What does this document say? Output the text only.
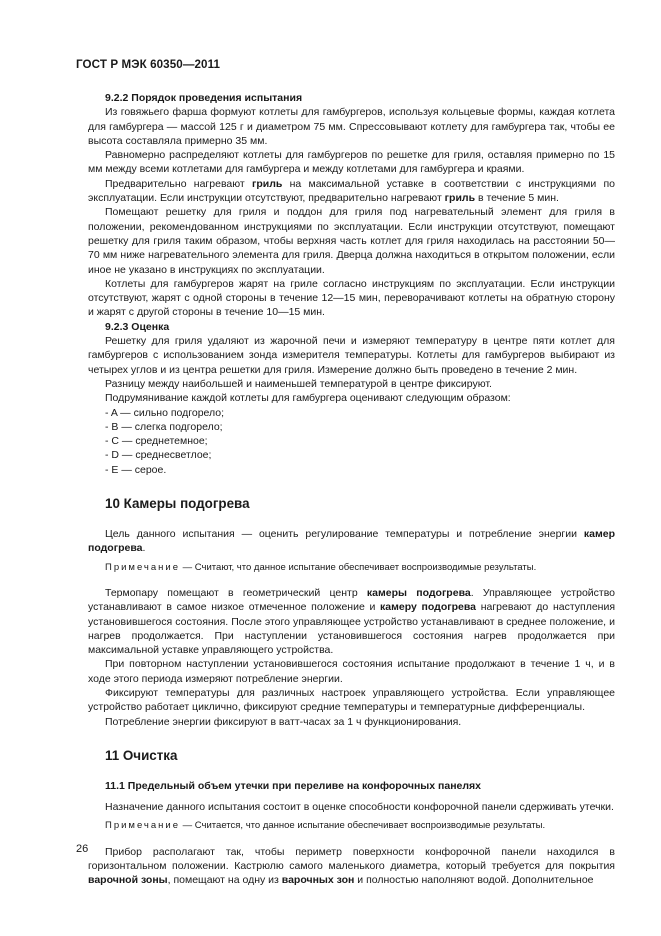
ГОСТ Р МЭК 60350—2011
9.2.2 Порядок проведения испытания

Из говяжьего фарша формуют котлеты для гамбургеров, используя кольцевые формы, каждая котлета для гамбургера — массой 125 г и диаметром 75 мм. Спрессовывают котлету для гамбургера так, чтобы ее высота составляла примерно 35 мм.

Равномерно распределяют котлеты для гамбургеров по решетке для гриля, оставляя примерно по 15 мм между всеми котлетами для гамбургера и между котлетами для гамбургера и краями.

Предварительно нагревают гриль на максимальной уставке в соответствии с инструкциями по эксплуатации. Если инструкции отсутствуют, предварительно нагревают гриль в течение 5 мин.

Помещают решетку для гриля и поддон для гриля под нагревательный элемент для гриля в положении, рекомендованном инструкциями по эксплуатации. Если инструкции отсутствуют, помещают решетку для гриля таким образом, чтобы верхняя часть котлет для гриля находилась на расстоянии 50—70 мм ниже нагревательного элемента для гриля. Дверца должна находиться в открытом положении, если иное не указано в инструкциях по эксплуатации.

Котлеты для гамбургеров жарят на гриле согласно инструкциям по эксплуатации. Если инструкции отсутствуют, жарят с одной стороны в течение 12—15 мин, переворачивают котлеты на обратную сторону и жарят с другой стороны в течение 10—15 мин.

9.2.3 Оценка

Решетку для гриля удаляют из жарочной печи и измеряют температуру в центре пяти котлет для гамбургеров с использованием зонда измерителя температуры. Котлеты для гамбургеров выбирают из четырех углов и из центра решетки для гриля. Измерение должно быть проведено в течение 2 мин.

Разницу между наибольшей и наименьшей температурой в центре фиксируют.

Подрумянивание каждой котлеты для гамбургера оценивают следующим образом:

- A — сильно подгорело;
- B — слегка подгорело;
- C — среднетемное;
- D — среднесветлое;
- E — серое.
10 Камеры подогрева

Цель данного испытания — оценить регулирование температуры и потребление энергии камер подогрева.

Примечание — Считают, что данное испытание обеспечивает воспроизводимые результаты.

Термопару помещают в геометрический центр камеры подогрева. Управляющее устройство устанавливают в самое низкое отмеченное положение и камеру подогрева нагревают до наступления установившегося состояния. После этого управляющее устройство устанавливают в среднее положение, и нагрев продолжается. При наступлении установившегося состояния нагрев продолжается при максимальной уставке управляющего устройства.

При повторном наступлении установившегося состояния испытание продолжают в течение 1 ч, и в ходе этого периода измеряют потребление энергии.

Фиксируют температуры для различных настроек управляющего устройства. Если управляющее устройство работает циклично, фиксируют средние температуры и температурные дифференциалы.

Потребление энергии фиксируют в ватт-часах за 1 ч функционирования.

11 Очистка
11.1 Предельный объем утечки при переливе на конфорочных панелях

Назначение данного испытания состоит в оценке способности конфорочной панели сдерживать утечки.

Примечание — Считается, что данное испытание обеспечивает воспроизводимые результаты.

Прибор располагают так, чтобы периметр поверхности конфорочной панели находился в горизонтальном положении. Кастрюлю самого маленького диаметра, который требуется для покрытия варочной зоны, помещают на одну из варочных зон и полностью наполняют водой. Дополнительное

26
